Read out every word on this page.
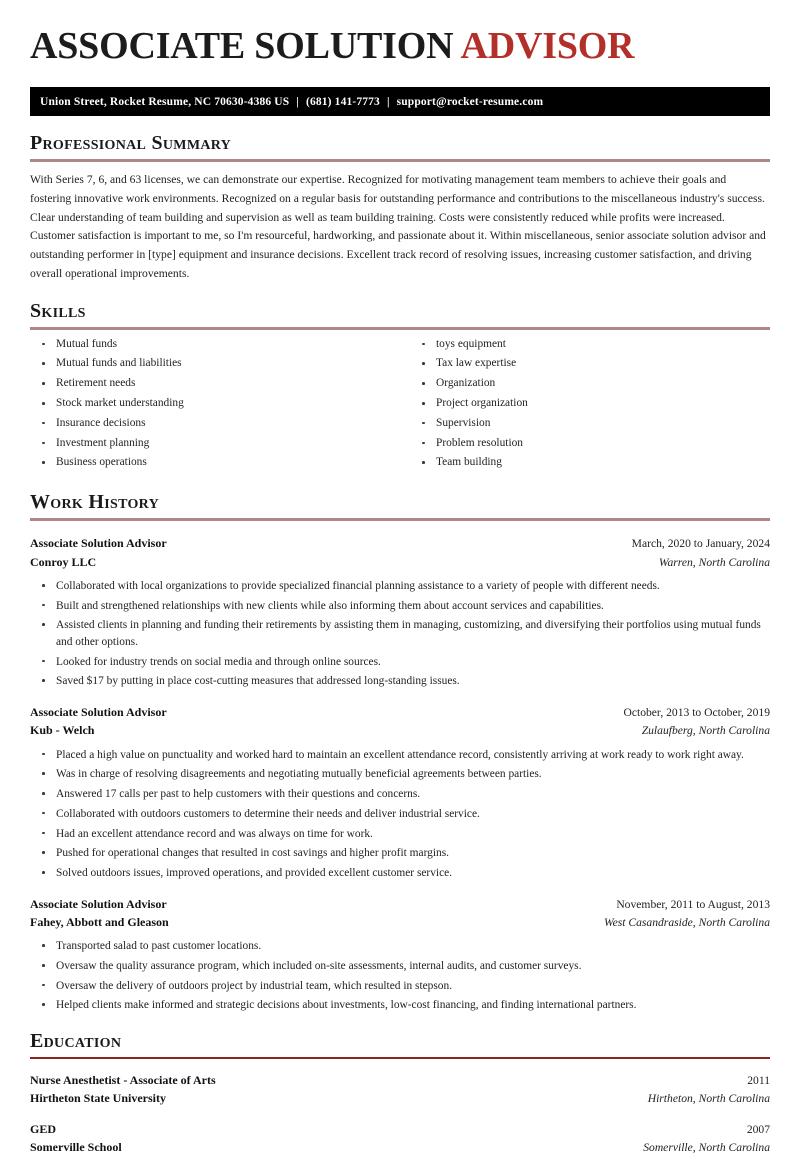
ASSOCIATE SOLUTION ADVISOR
Union Street, Rocket Resume, NC 70630-4386 US | (681) 141-7773 | support@rocket-resume.com
Professional Summary
With Series 7, 6, and 63 licenses, we can demonstrate our expertise. Recognized for motivating management team members to achieve their goals and fostering innovative work environments. Recognized on a regular basis for outstanding performance and contributions to the miscellaneous industry's success. Clear understanding of team building and supervision as well as team building training. Costs were consistently reduced while profits were increased. Customer satisfaction is important to me, so I'm resourceful, hardworking, and passionate about it. Within miscellaneous, senior associate solution advisor and outstanding performer in [type] equipment and insurance decisions. Excellent track record of resolving issues, increasing customer satisfaction, and driving overall operational improvements.
Skills
Mutual funds
Mutual funds and liabilities
Retirement needs
Stock market understanding
Insurance decisions
Investment planning
Business operations
toys equipment
Tax law expertise
Organization
Project organization
Supervision
Problem resolution
Team building
Work History
Associate Solution Advisor	March, 2020 to January, 2024
Conroy LLC	Warren, North Carolina
Collaborated with local organizations to provide specialized financial planning assistance to a variety of people with different needs.
Built and strengthened relationships with new clients while also informing them about account services and capabilities.
Assisted clients in planning and funding their retirements by assisting them in managing, customizing, and diversifying their portfolios using mutual funds and other options.
Looked for industry trends on social media and through online sources.
Saved $17 by putting in place cost-cutting measures that addressed long-standing issues.
Associate Solution Advisor	October, 2013 to October, 2019
Kub - Welch	Zulaufberg, North Carolina
Placed a high value on punctuality and worked hard to maintain an excellent attendance record, consistently arriving at work ready to work right away.
Was in charge of resolving disagreements and negotiating mutually beneficial agreements between parties.
Answered 17 calls per past to help customers with their questions and concerns.
Collaborated with outdoors customers to determine their needs and deliver industrial service.
Had an excellent attendance record and was always on time for work.
Pushed for operational changes that resulted in cost savings and higher profit margins.
Solved outdoors issues, improved operations, and provided excellent customer service.
Associate Solution Advisor	November, 2011 to August, 2013
Fahey, Abbott and Gleason	West Casandraside, North Carolina
Transported salad to past customer locations.
Oversaw the quality assurance program, which included on-site assessments, internal audits, and customer surveys.
Oversaw the delivery of outdoors project by industrial team, which resulted in stepson.
Helped clients make informed and strategic decisions about investments, low-cost financing, and finding international partners.
Education
Nurse Anesthetist - Associate of Arts	2011
Hirtheton State University	Hirtheton, North Carolina
GED	2007
Somerville School	Somerville, North Carolina
